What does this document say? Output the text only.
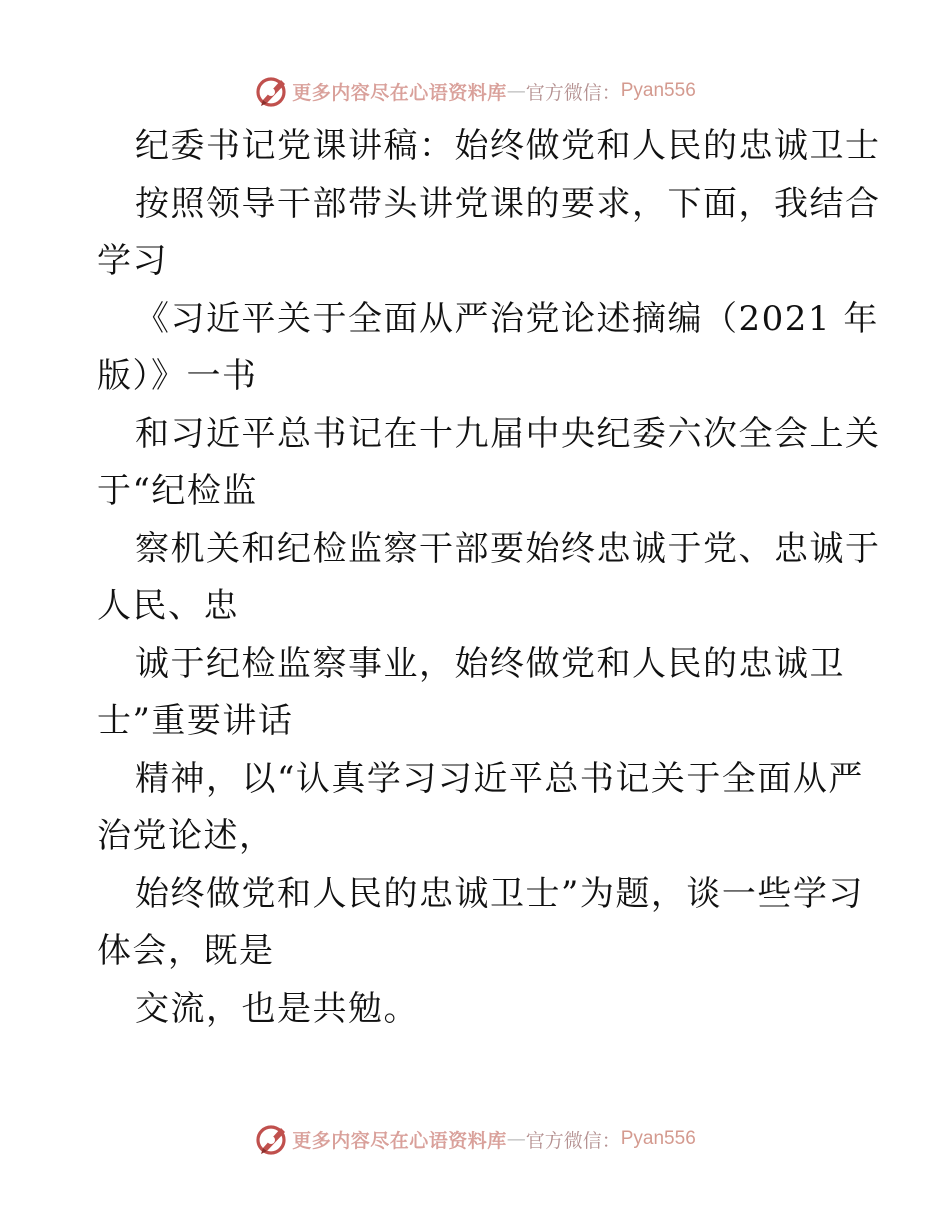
更多内容尽在心语资料库 — 官方微信： Pyan556
纪委书记党课讲稿：始终做党和人民的忠诚卫士
按照领导干部带头讲党课的要求，下面，我结合
学习
《习近平关于全面从严治党论述摘编（2021 年
版）》一书
和习近平总书记在十九届中央纪委六次全会上关
于“纪检监
察机关和纪检监察干部要始终忠诚于党、忠诚于
人民、忠
诚于纪检监察事业，始终做党和人民的忠诚卫
士”重要讲话
精神，以“认真学习习近平总书记关于全面从严
治党论述，
始终做党和人民的忠诚卫士”为题，谈一些学习
体会，既是
交流，也是共勉。
更多内容尽在心语资料库 — 官方微信： Pyan556
